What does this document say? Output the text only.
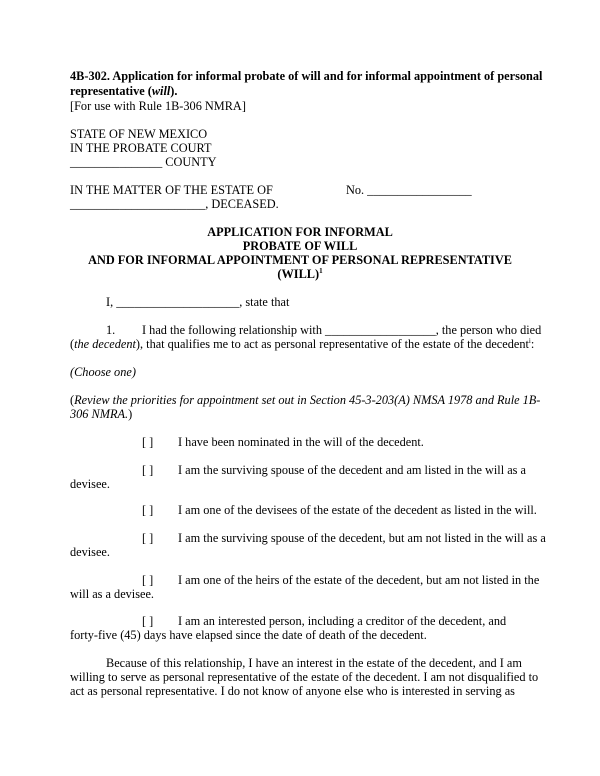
4B-302. Application for informal probate of will and for informal appointment of personal
representative (will).
[For use with Rule 1B-306 NMRA]
STATE OF NEW MEXICO
IN THE PROBATE COURT
_______________ COUNTY
IN THE MATTER OF THE ESTATE OF	No. _________________
______________________, DECEASED.
APPLICATION FOR INFORMAL
PROBATE OF WILL
AND FOR INFORMAL APPOINTMENT OF PERSONAL REPRESENTATIVE
(WILL)$^1$
I, ____________________, state that
1. I had the following relationship with __________________, the person who died
(the decedent), that qualifies me to act as personal representative of the estate of the decedent$^i$:
(Choose one)
(Review the priorities for appointment set out in Section 45-3-203(A) NMSA 1978 and Rule 1B-
306 NMRA.)
[ ] I have been nominated in the will of the decedent.
[ ] I am the surviving spouse of the decedent and am listed in the will as a
devisee.
[ ] I am one of the devisees of the estate of the decedent as listed in the will.
[ ] I am the surviving spouse of the decedent, but am not listed in the will as a
devisee.
[ ] I am one of the heirs of the estate of the decedent, but am not listed in the
will as a devisee.
[ ] I am an interested person, including a creditor of the decedent, and
forty-five (45) days have elapsed since the date of death of the decedent.
Because of this relationship, I have an interest in the estate of the decedent, and I am
willing to serve as personal representative of the estate of the decedent. I am not disqualified to
act as personal representative. I do not know of anyone else who is interested in serving as
